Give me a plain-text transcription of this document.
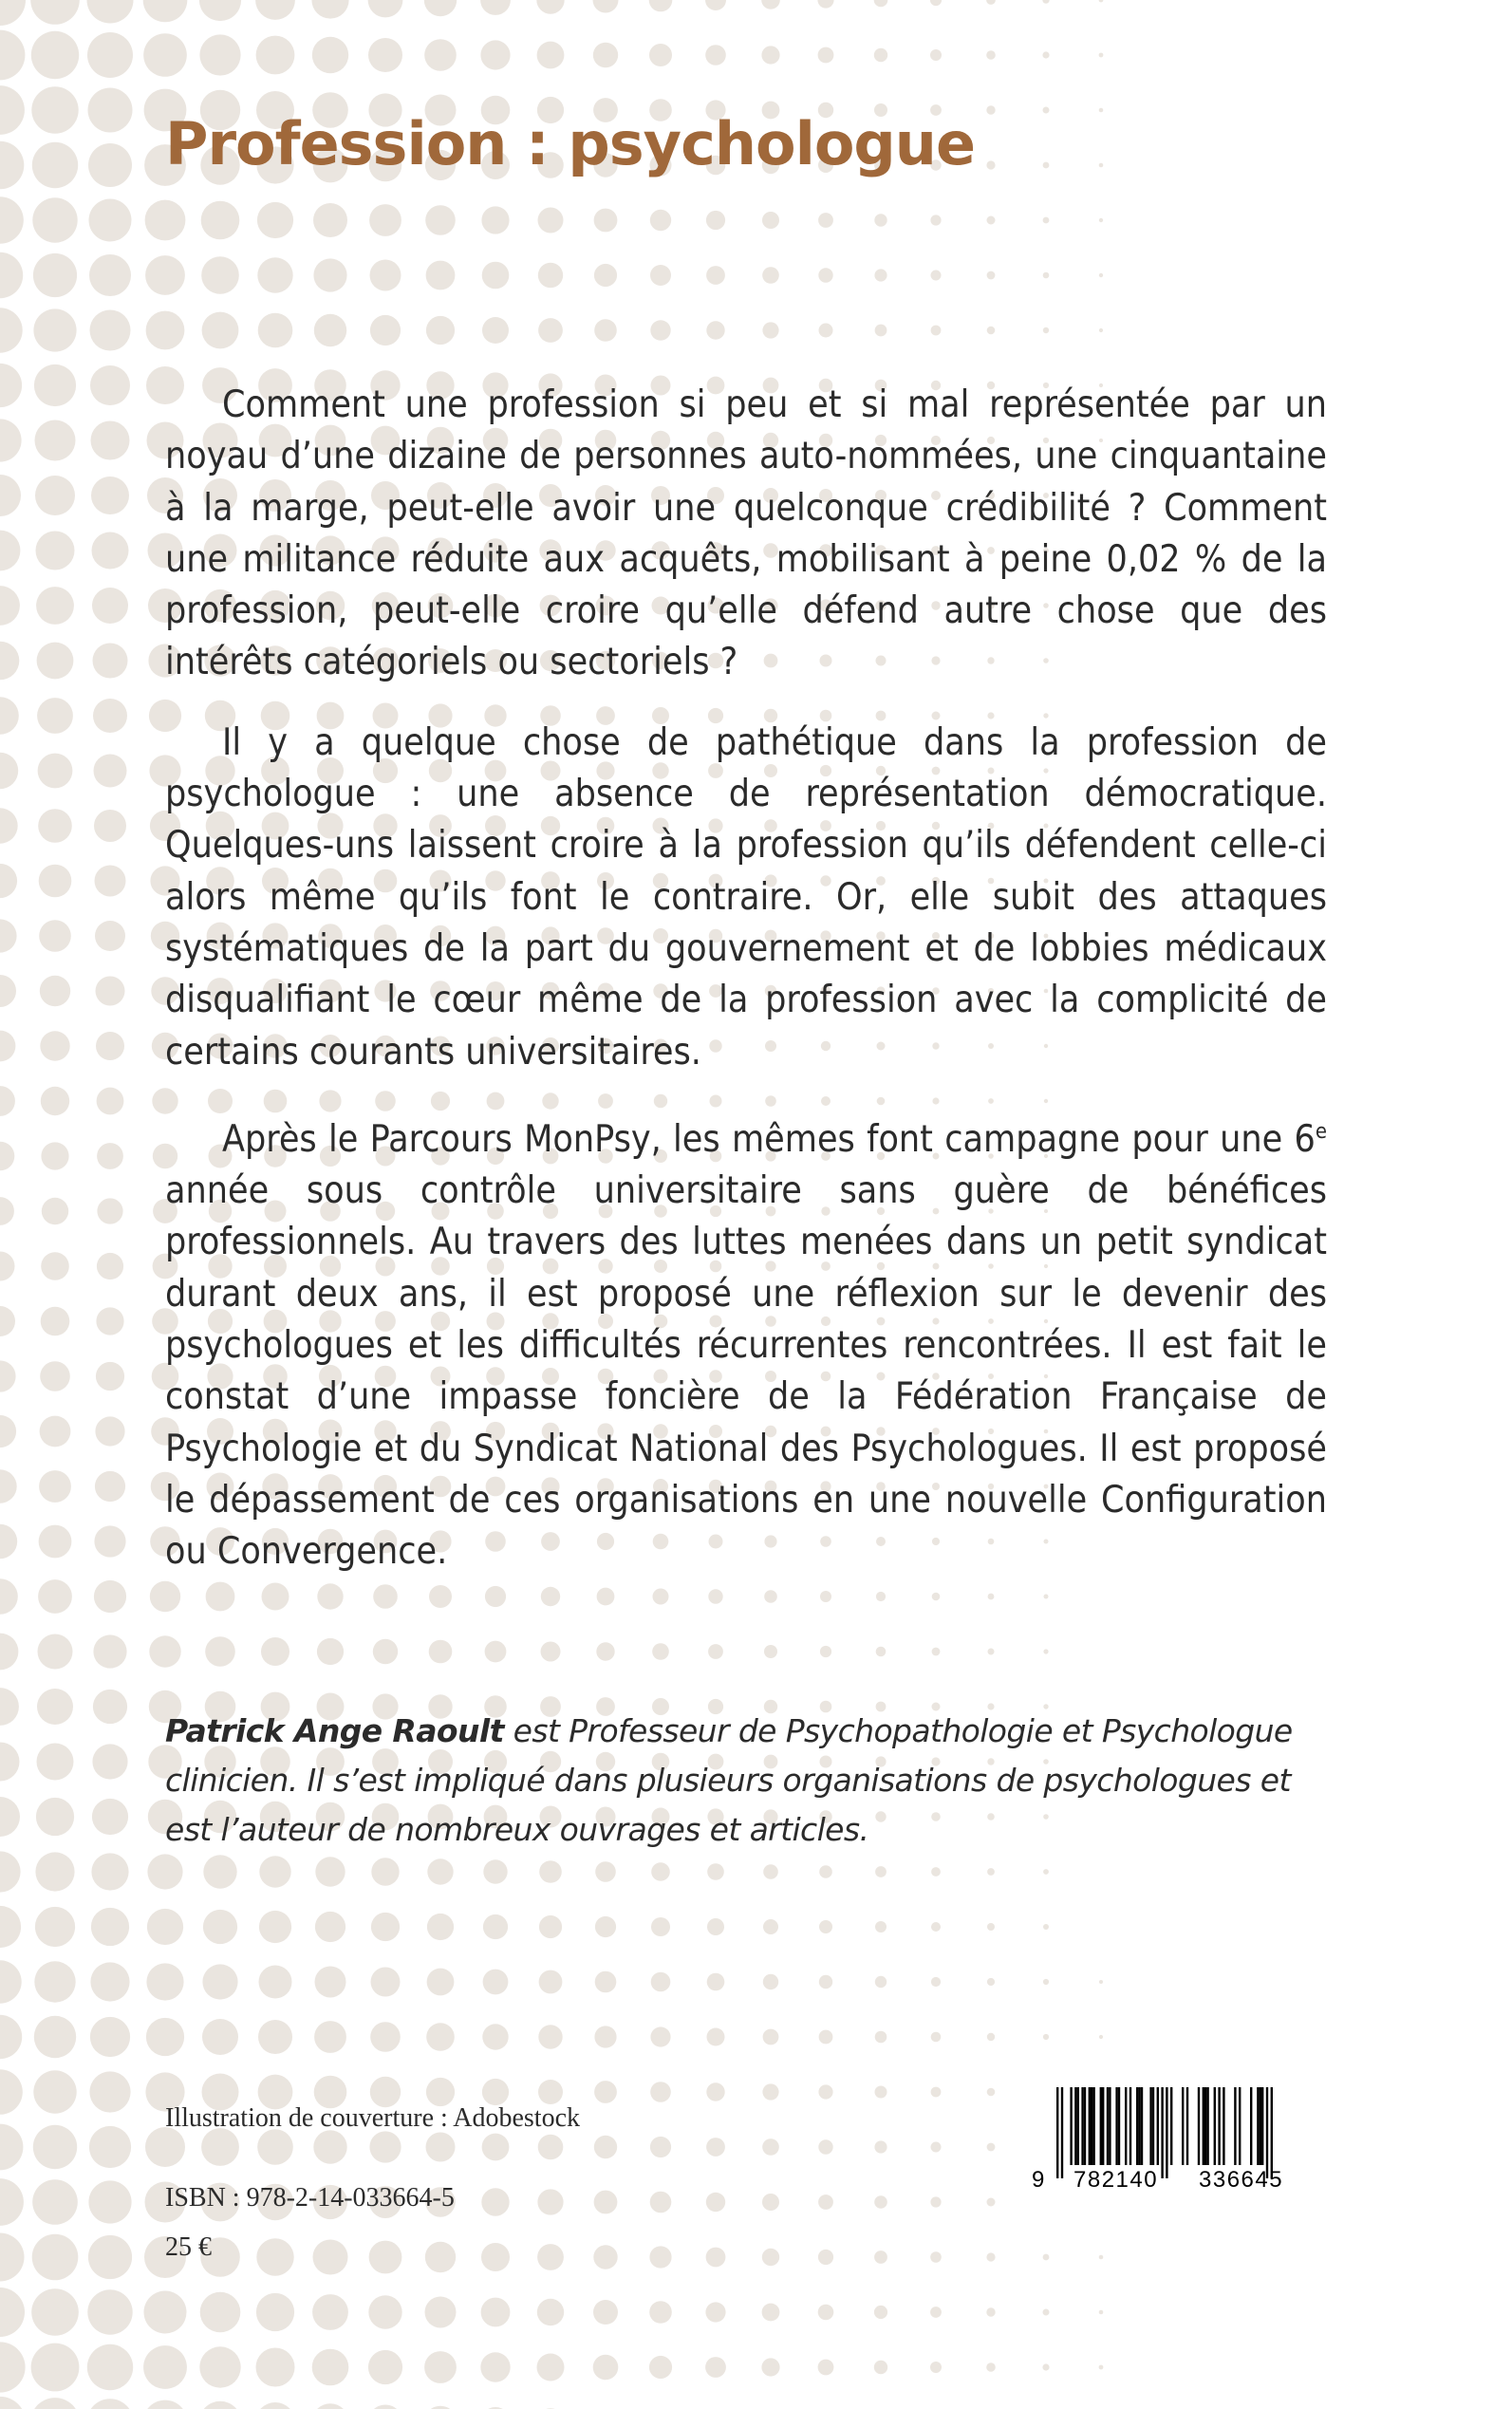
Profession : psychologue

Comment une profession si peu et si mal représentée par un noyau d’une dizaine de personnes auto-nommées, une cinquantaine à la marge, peut-elle avoir une quelconque crédibilité ? Comment une militance réduite aux acquêts, mobilisant à peine 0,02 % de la profession, peut-elle croire qu’elle défend autre chose que des intérêts catégoriels ou sectoriels ?

Il y a quelque chose de pathétique dans la profession de psychologue : une absence de représentation démocratique. Quelques-uns laissent croire à la profession qu’ils défendent celle-ci alors même qu’ils font le contraire. Or, elle subit des attaques systématiques de la part du gouvernement et de lobbies médicaux disqualifiant le cœur même de la profession avec la complicité de certains courants universitaires.

Après le Parcours MonPsy, les mêmes font campagne pour une 6e année sous contrôle universitaire sans guère de bénéfices professionnels. Au travers des luttes menées dans un petit syndicat durant deux ans, il est proposé une réflexion sur le devenir des psychologues et les difficultés récurrentes rencontrées. Il est fait le constat d’une impasse foncière de la Fédération Française de Psychologie et du Syndicat National des Psychologues. Il est proposé le dépassement de ces organisations en une nouvelle Configuration ou Convergence.

Patrick Ange Raoult est Professeur de Psychopathologie et Psychologue clinicien. Il s’est impliqué dans plusieurs organisations de psychologues et est l’auteur de nombreux ouvrages et articles.
Illustration de couverture : Adobestock
ISBN : 978-2-14-033664-5
25 €
9 782140 336645
